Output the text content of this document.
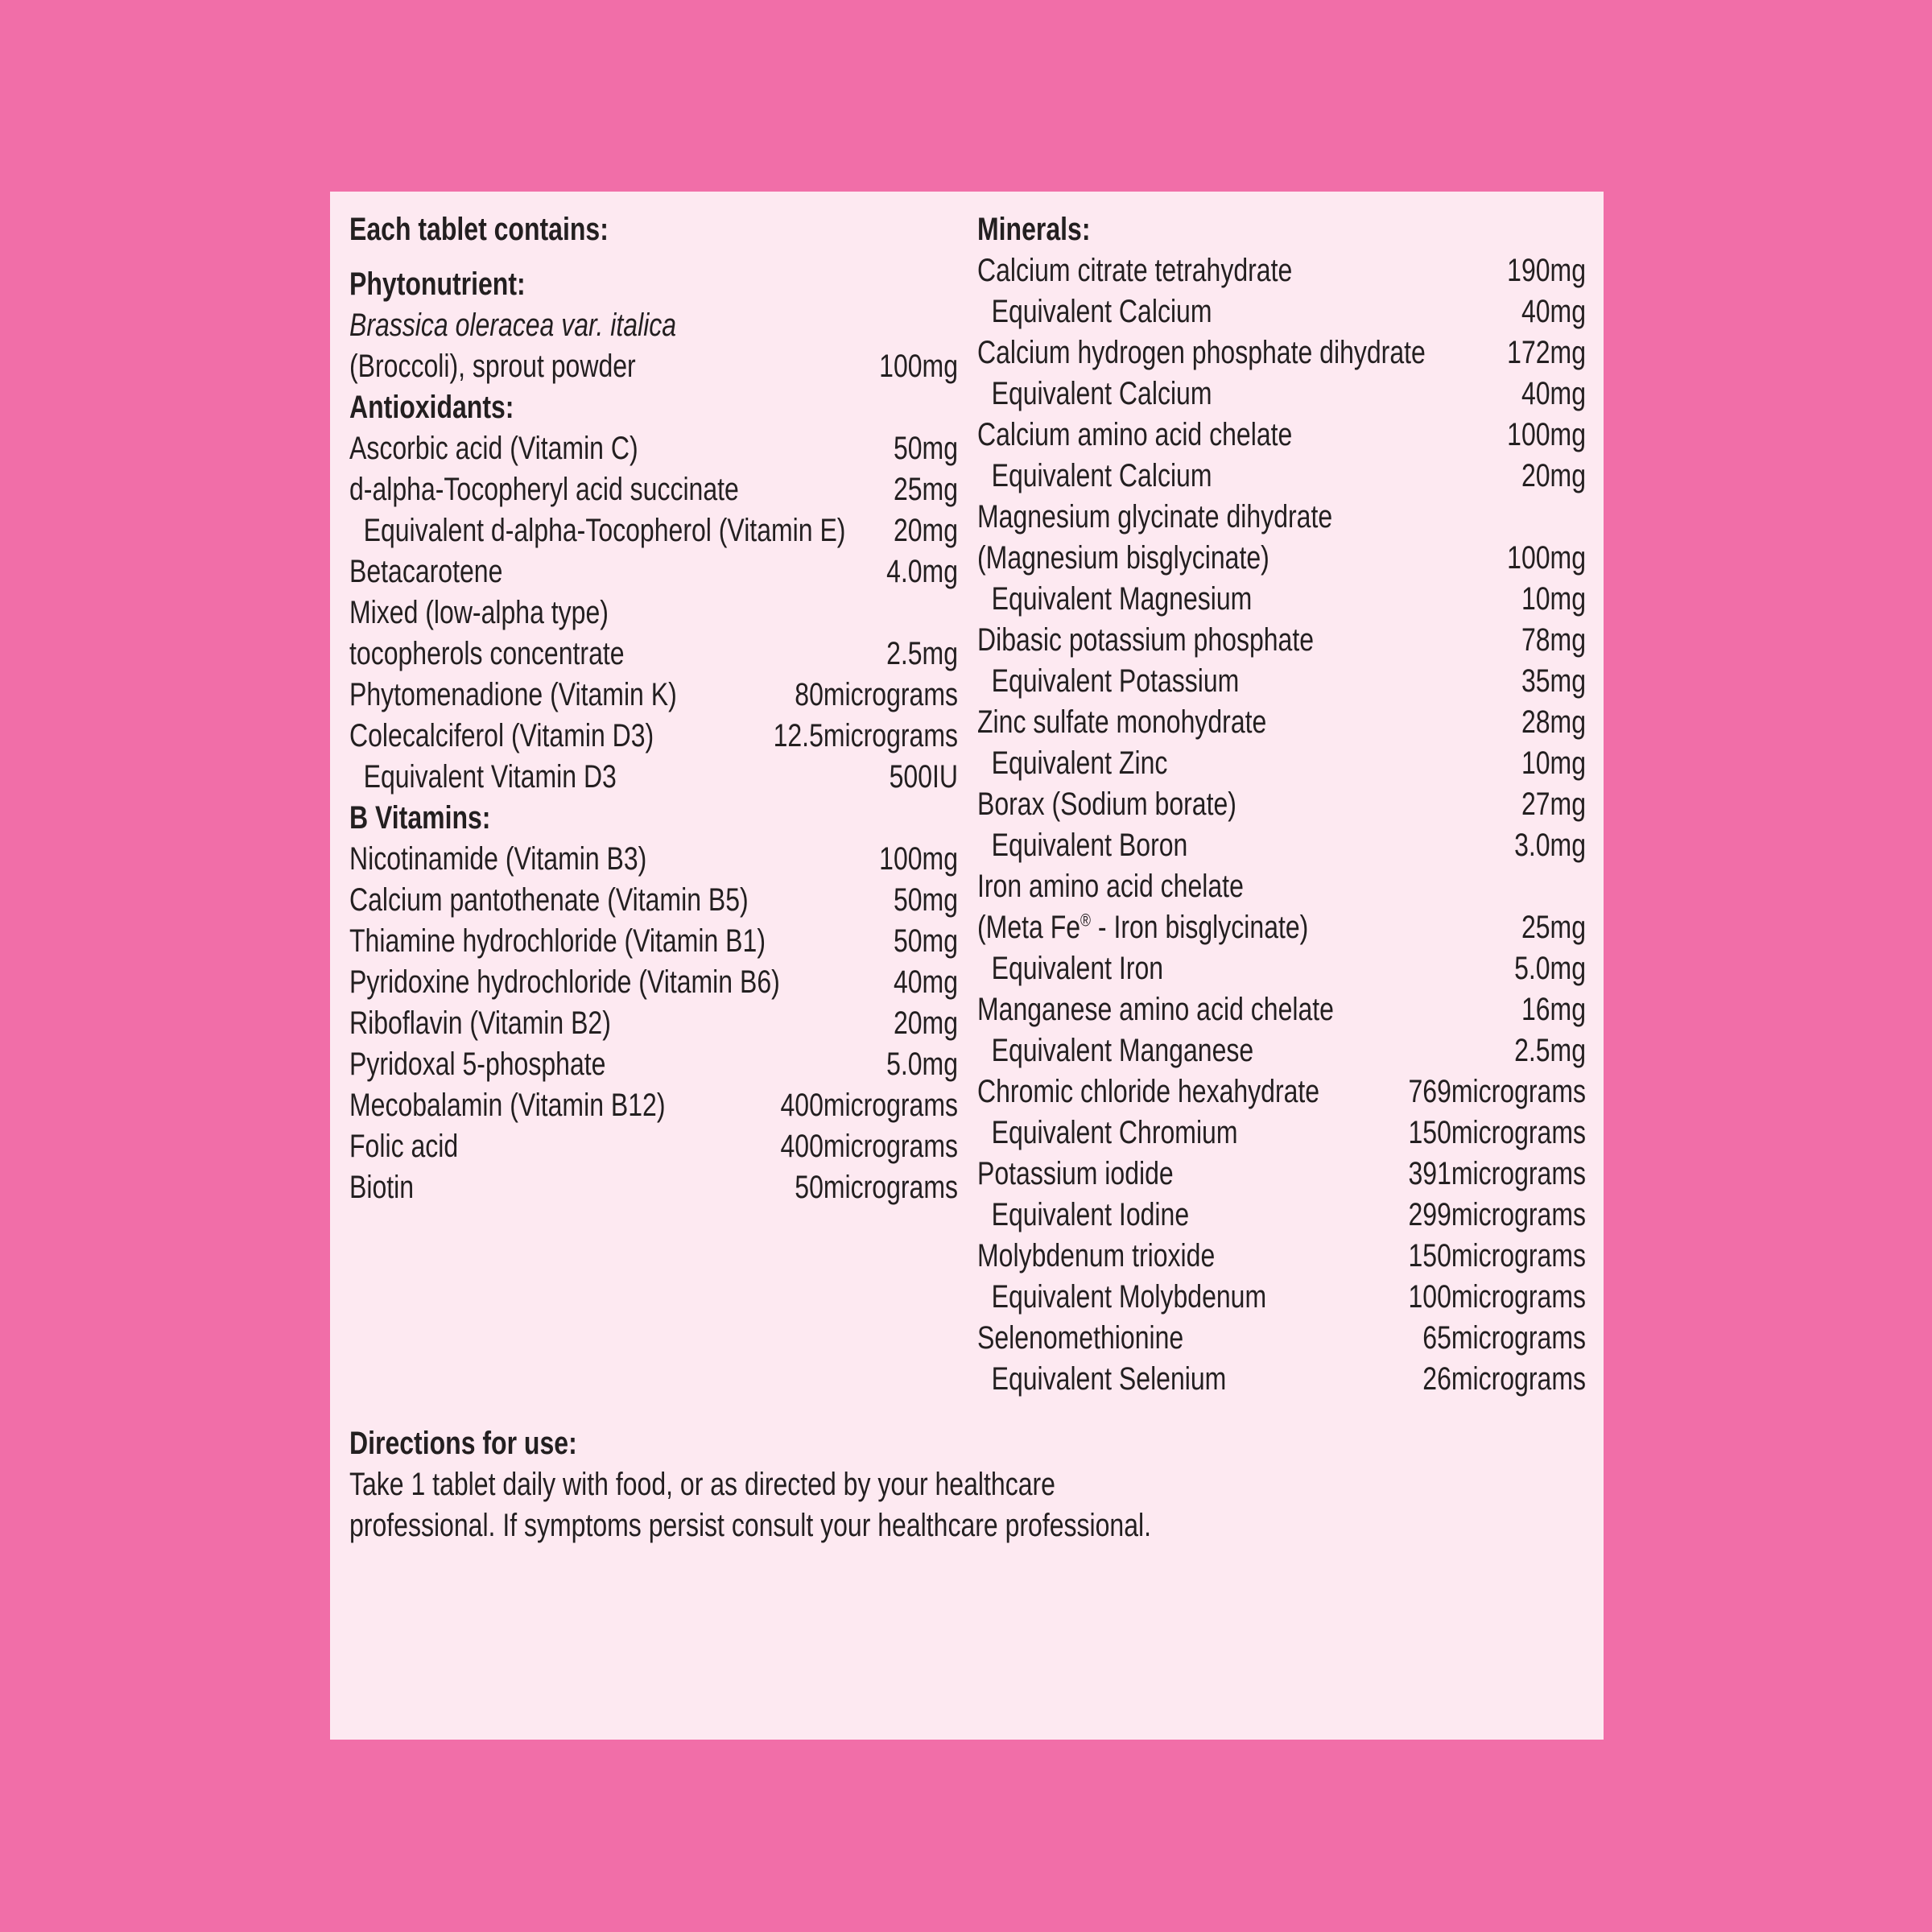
Each tablet contains:
Phytonutrient:
Brassica oleracea var. italica
(Broccoli), sprout powder	100mg
Antioxidants:
Ascorbic acid (Vitamin C)	50mg
d-alpha-Tocopheryl acid succinate	25mg
Equivalent d-alpha-Tocopherol (Vitamin E) 20mg
Betacarotene	4.0mg
Mixed (low-alpha type)
tocopherols concentrate	2.5mg
Phytomenadione (Vitamin K)	80micrograms
Colecalciferol (Vitamin D3)	12.5micrograms
Equivalent Vitamin D3	500IU
B Vitamins:
Nicotinamide (Vitamin B3)	100mg
Calcium pantothenate (Vitamin B5)	50mg
Thiamine hydrochloride (Vitamin B1)	50mg
Pyridoxine hydrochloride (Vitamin B6)	40mg
Riboflavin (Vitamin B2)	20mg
Pyridoxal 5-phosphate	5.0mg
Mecobalamin (Vitamin B12)	400micrograms
Folic acid	400micrograms
Biotin	50micrograms
Minerals:
Calcium citrate tetrahydrate	190mg
Equivalent Calcium	40mg
Calcium hydrogen phosphate dihydrate	172mg
Equivalent Calcium	40mg
Calcium amino acid chelate	100mg
Equivalent Calcium	20mg
Magnesium glycinate dihydrate
(Magnesium bisglycinate)	100mg
Equivalent Magnesium	10mg
Dibasic potassium phosphate	78mg
Equivalent Potassium	35mg
Zinc sulfate monohydrate	28mg
Equivalent Zinc	10mg
Borax (Sodium borate)	27mg
Equivalent Boron	3.0mg
Iron amino acid chelate
(Meta Fe® - Iron bisglycinate)	25mg
Equivalent Iron	5.0mg
Manganese amino acid chelate	16mg
Equivalent Manganese	2.5mg
Chromic chloride hexahydrate	769micrograms
Equivalent Chromium	150micrograms
Potassium iodide	391micrograms
Equivalent Iodine	299micrograms
Molybdenum trioxide	150micrograms
Equivalent Molybdenum	100micrograms
Selenomethionine	65micrograms
Equivalent Selenium	26micrograms
Directions for use:
Take 1 tablet daily with food, or as directed by your healthcare
professional. If symptoms persist consult your healthcare professional.
